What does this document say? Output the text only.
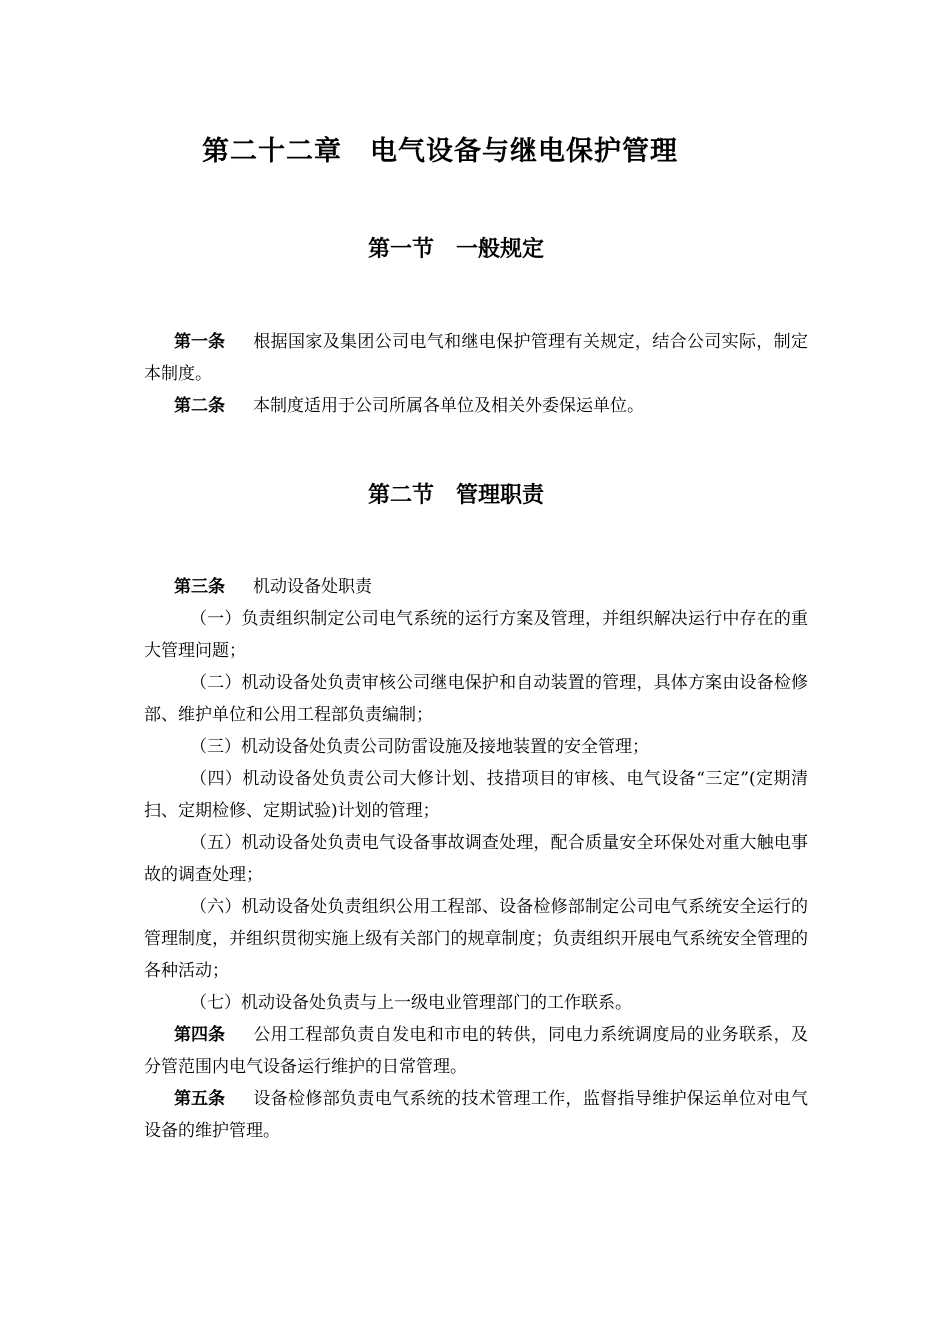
第二十二章　电气设备与继电保护管理
第一节　一般规定

第一条 根据国家及集团公司电气和继电保护管理有关规定，结合公司实际，制定本制度。

第二条 本制度适用于公司所属各单位及相关外委保运单位。

第二节　管理职责

第三条 机动设备处职责

（一）负责组织制定公司电气系统的运行方案及管理，并组织解决运行中存在的重大管理问题；

（二）机动设备处负责审核公司继电保护和自动装置的管理，具体方案由设备检修部、维护单位和公用工程部负责编制；

（三）机动设备处负责公司防雷设施及接地装置的安全管理；

（四）机动设备处负责公司大修计划、技措项目的审核、电气设备“三定”(定期清扫、定期检修、定期试验)计划的管理；

（五）机动设备处负责电气设备事故调查处理，配合质量安全环保处对重大触电事故的调查处理；

（六）机动设备处负责组织公用工程部、设备检修部制定公司电气系统安全运行的管理制度，并组织贯彻实施上级有关部门的规章制度；负责组织开展电气系统安全管理的各种活动；

（七）机动设备处负责与上一级电业管理部门的工作联系。

第四条 公用工程部负责自发电和市电的转供，同电力系统调度局的业务联系，及分管范围内电气设备运行维护的日常管理。

第五条 设备检修部负责电气系统的技术管理工作，监督指导维护保运单位对电气设备的维护管理。
